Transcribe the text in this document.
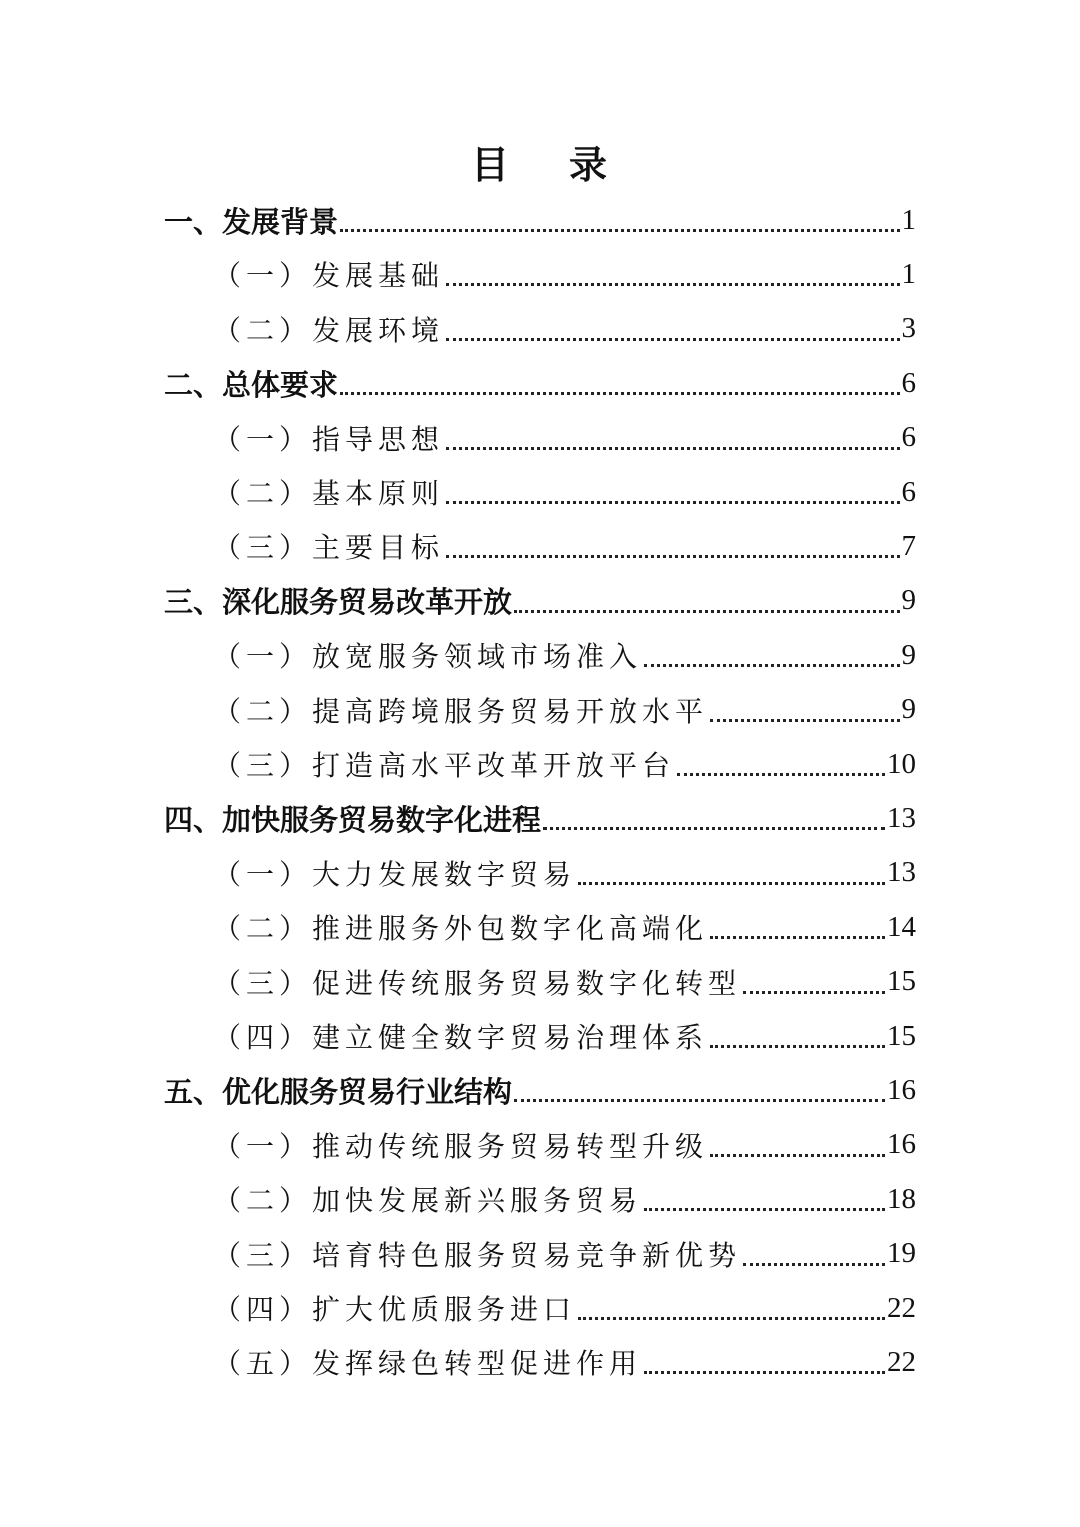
目 录
一、发展背景	1
（一）发展基础	1
（二）发展环境	3
二、总体要求	6
（一）指导思想	6
（二）基本原则	6
（三）主要目标	7
三、深化服务贸易改革开放	9
（一）放宽服务领域市场准入	9
（二）提高跨境服务贸易开放水平	9
（三）打造高水平改革开放平台	10
四、加快服务贸易数字化进程	13
（一）大力发展数字贸易	13
（二）推进服务外包数字化高端化	14
（三）促进传统服务贸易数字化转型	15
（四）建立健全数字贸易治理体系	15
五、优化服务贸易行业结构	16
（一）推动传统服务贸易转型升级	16
（二）加快发展新兴服务贸易	18
（三）培育特色服务贸易竞争新优势	19
（四）扩大优质服务进口	22
（五）发挥绿色转型促进作用	22
